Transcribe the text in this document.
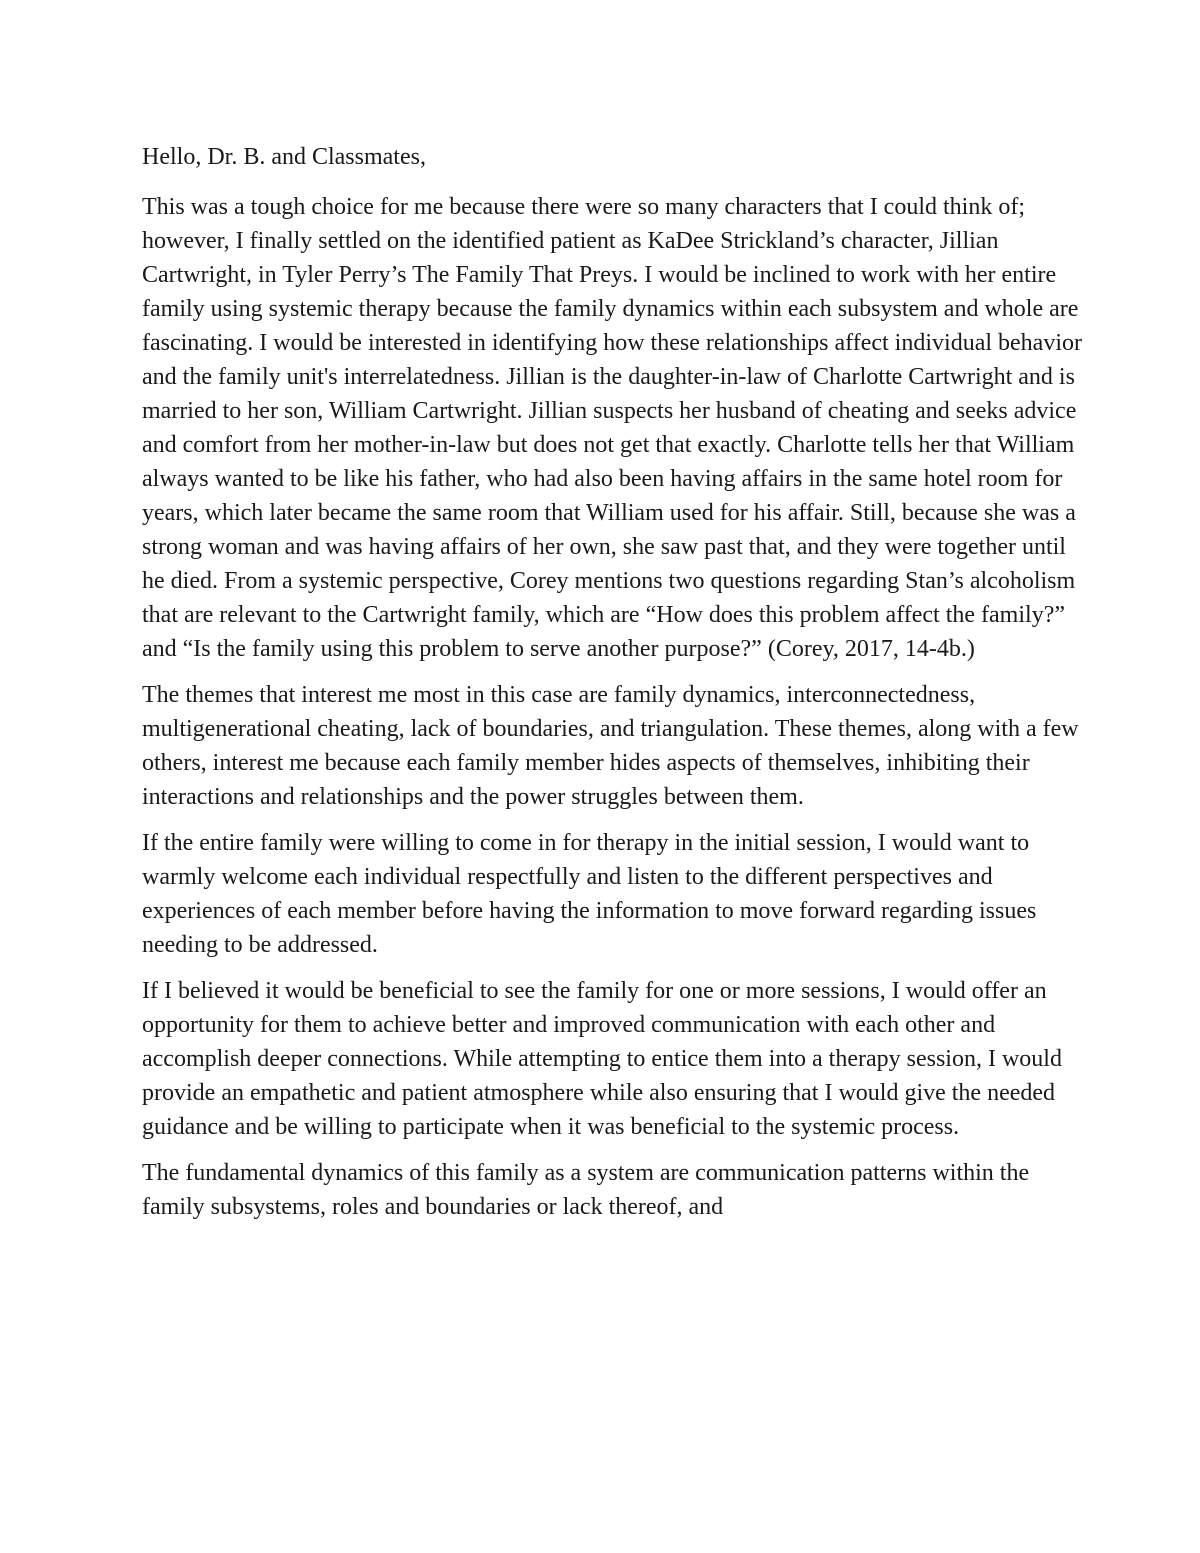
Hello, Dr. B. and Classmates,

This was a tough choice for me because there were so many characters that I could think of; however, I finally settled on the identified patient as KaDee Strickland’s character, Jillian Cartwright, in Tyler Perry’s The Family That Preys. I would be inclined to work with her entire family using systemic therapy because the family dynamics within each subsystem and whole are fascinating. I would be interested in identifying how these relationships affect individual behavior and the family unit's interrelatedness. Jillian is the daughter-in-law of Charlotte Cartwright and is married to her son, William Cartwright. Jillian suspects her husband of cheating and seeks advice and comfort from her mother-in-law but does not get that exactly. Charlotte tells her that William always wanted to be like his father, who had also been having affairs in the same hotel room for years, which later became the same room that William used for his affair. Still, because she was a strong woman and was having affairs of her own, she saw past that, and they were together until he died. From a systemic perspective, Corey mentions two questions regarding Stan’s alcoholism that are relevant to the Cartwright family, which are “How does this problem affect the family?” and “Is the family using this problem to serve another purpose?” (Corey, 2017, 14-4b.)

The themes that interest me most in this case are family dynamics, interconnectedness, multigenerational cheating, lack of boundaries, and triangulation. These themes, along with a few others, interest me because each family member hides aspects of themselves, inhibiting their interactions and relationships and the power struggles between them.

If the entire family were willing to come in for therapy in the initial session, I would want to warmly welcome each individual respectfully and listen to the different perspectives and experiences of each member before having the information to move forward regarding issues needing to be addressed.

If I believed it would be beneficial to see the family for one or more sessions, I would offer an opportunity for them to achieve better and improved communication with each other and accomplish deeper connections. While attempting to entice them into a therapy session, I would provide an empathetic and patient atmosphere while also ensuring that I would give the needed guidance and be willing to participate when it was beneficial to the systemic process.

The fundamental dynamics of this family as a system are communication patterns within the family subsystems, roles and boundaries or lack thereof, and
